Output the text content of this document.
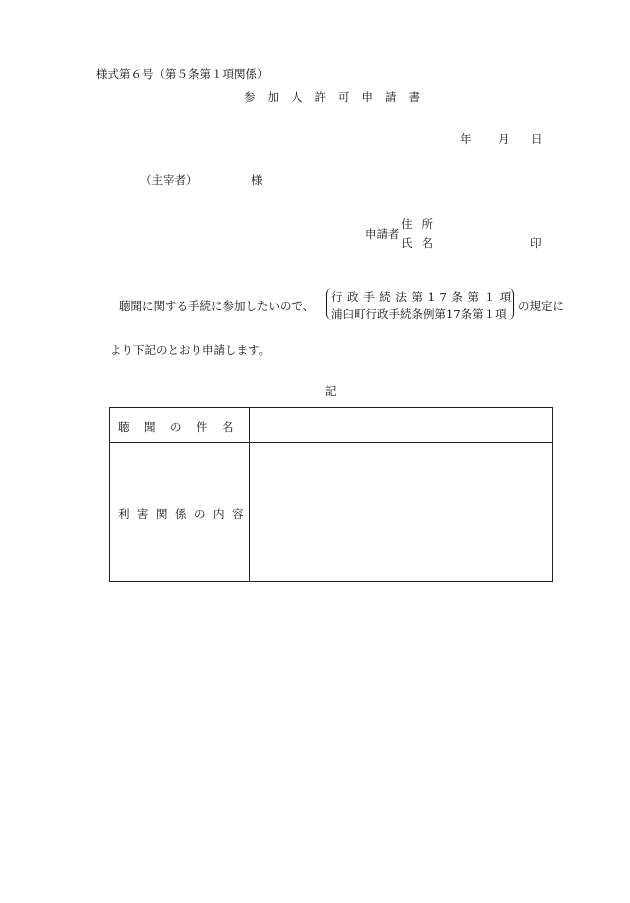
様式第６号（第５条第１項関係）
参加人許可申請書
年 月 日
（主宰者）	様
申請者
住所
氏名	印
聴聞に関する手続に参加したいので、
行政手続法第17条第１項
浦臼町行政手続条例第17条第１項
の規定に
より下記のとおり申請します。
記
聴聞の件名
利害関係の内容
